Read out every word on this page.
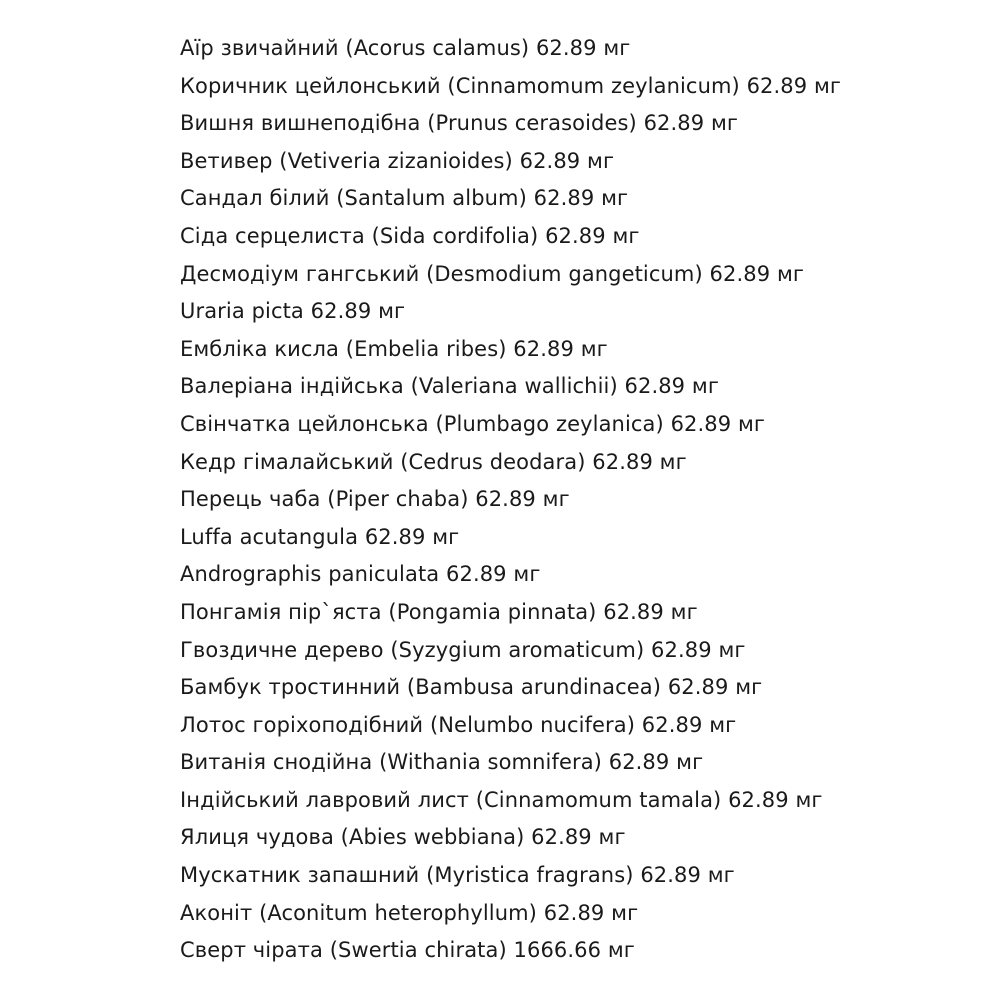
Аїр звичайний (Acorus calamus) 62.89 мг
Коричник цейлонський (Cinnamomum zeylanicum) 62.89 мг
Вишня вишнеподібна (Prunus cerasoides) 62.89 мг
Ветивер (Vetiveria zizanioides) 62.89 мг
Сандал білий (Santalum album) 62.89 мг
Сіда серцелиста (Sida cordifolia) 62.89 мг
Десмодіум гангський (Desmodium gangeticum) 62.89 мг
Uraria picta 62.89 мг
Ембліка кисла (Embelia ribes) 62.89 мг
Валеріана індійська (Valeriana wallichii) 62.89 мг
Свінчатка цейлонська (Plumbago zeylanica) 62.89 мг
Кедр гімалайський (Cedrus deodara) 62.89 мг
Перець чаба (Piper chaba) 62.89 мг
Luffa acutangula 62.89 мг
Andrographis paniculata 62.89 мг
Понгамія пір`яста (Pongamia pinnata) 62.89 мг
Гвоздичне дерево (Syzygium aromaticum) 62.89 мг
Бамбук тростинний (Bambusa arundinacea) 62.89 мг
Лотос горіхоподібний (Nelumbo nucifera) 62.89 мг
Витанія снодійна (Withania somnifera) 62.89 мг
Індійський лавровий лист (Cinnamomum tamala) 62.89 мг
Ялиця чудова (Abies webbiana) 62.89 мг
Мускатник запашний (Myristica fragrans) 62.89 мг
Аконіт (Aconitum heterophyllum) 62.89 мг
Сверт чірата (Swertia chirata) 1666.66 мг
